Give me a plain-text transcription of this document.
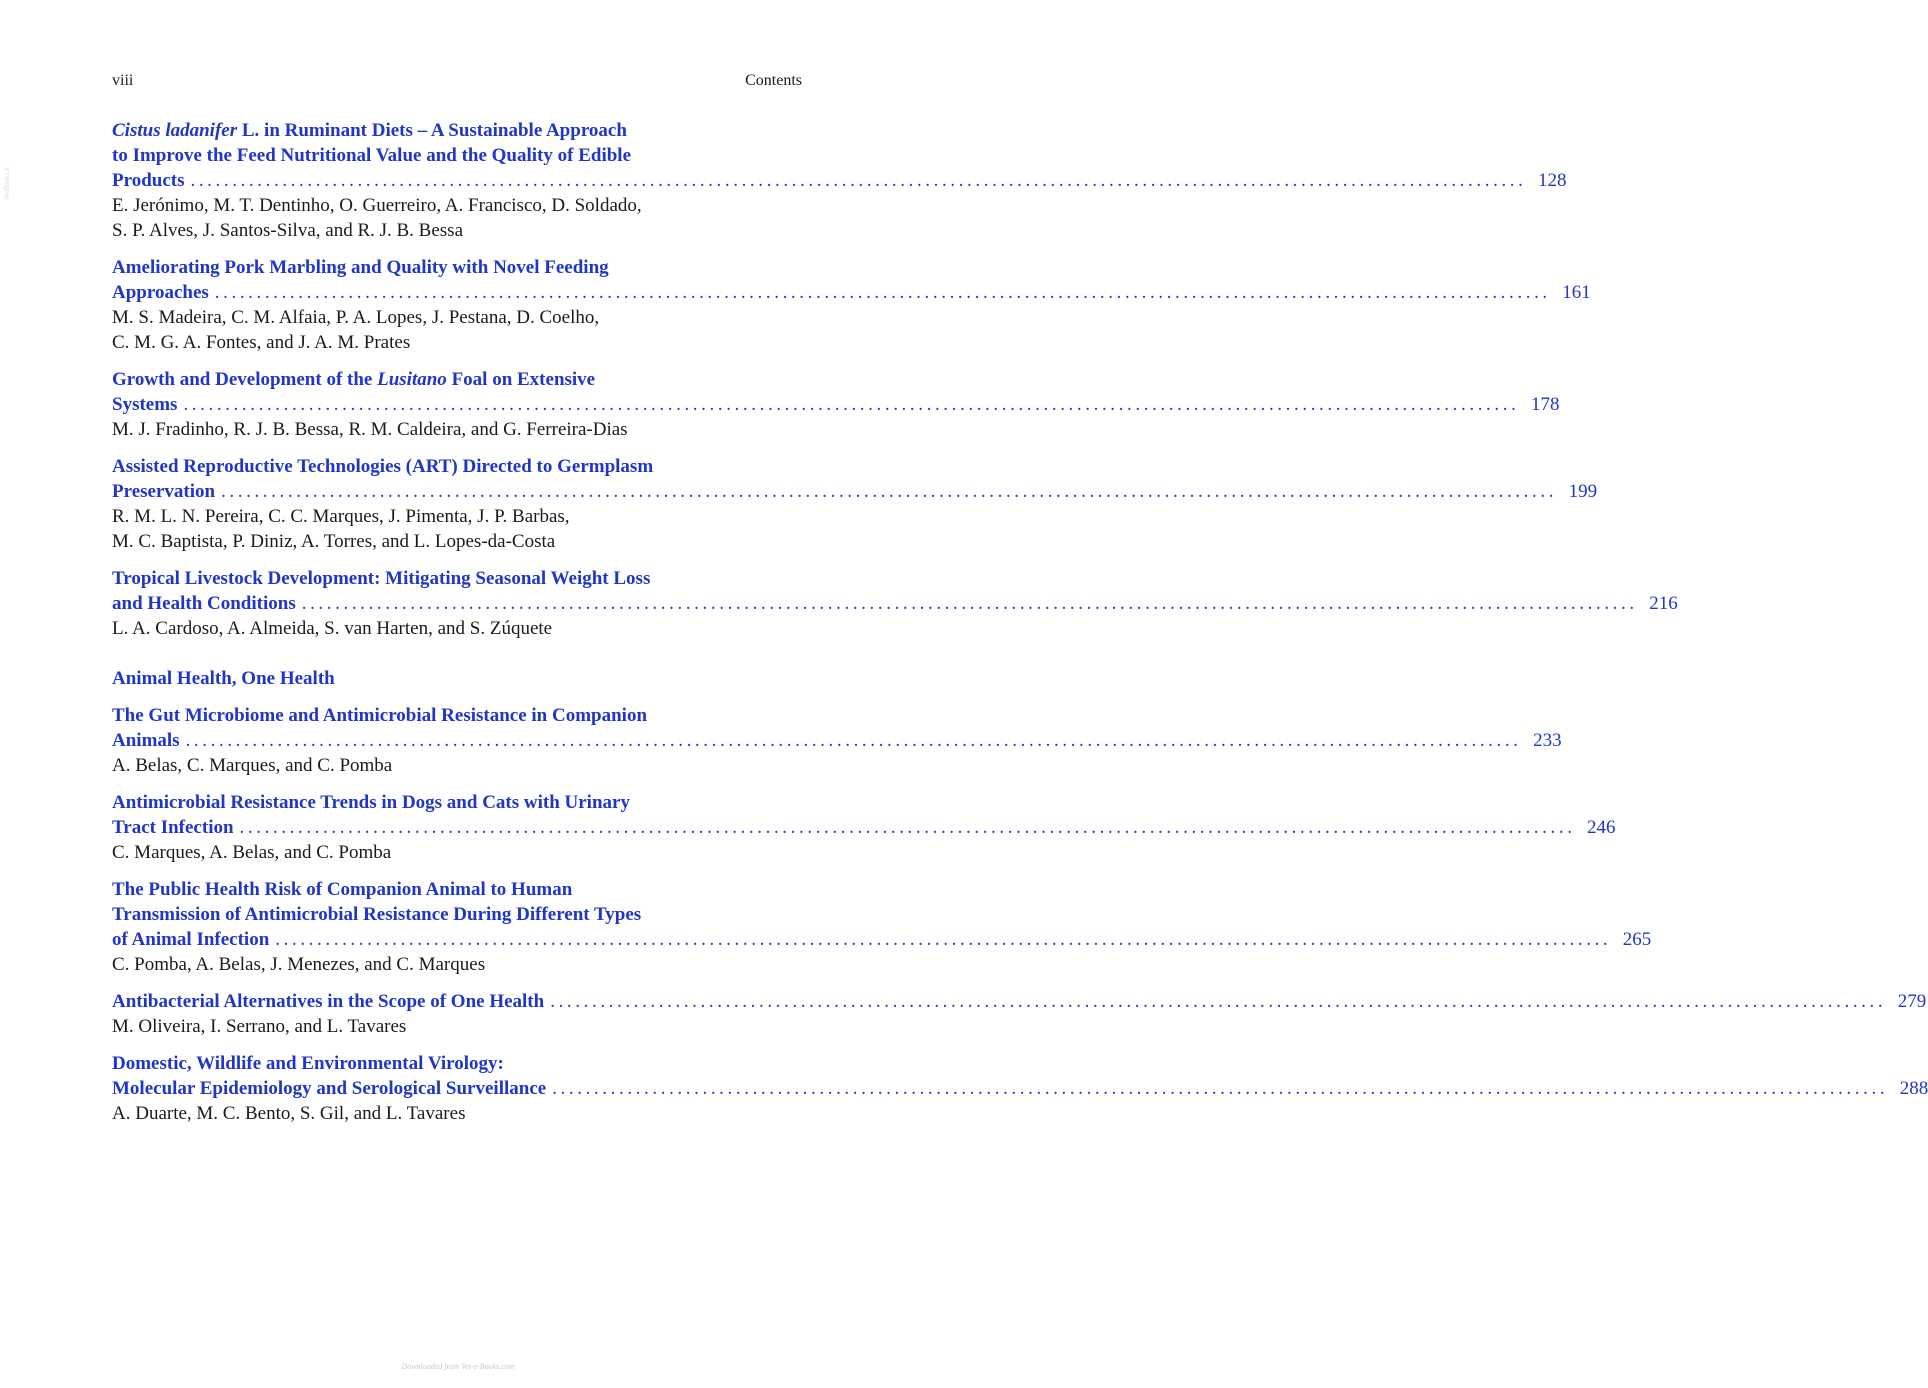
viii	Contents
VetBooks.ir
Cistus ladanifer L. in Ruminant Diets – A Sustainable Approach
to Improve the Feed Nutritional Value and the Quality of Edible
Products ................................................................................................................................................................ 128
E. Jerónimo, M. T. Dentinho, O. Guerreiro, A. Francisco, D. Soldado,
S. P. Alves, J. Santos-Silva, and R. J. B. Bessa
Ameliorating Pork Marbling and Quality with Novel Feeding
Approaches ................................................................................................................................................................ 161
M. S. Madeira, C. M. Alfaia, P. A. Lopes, J. Pestana, D. Coelho,
C. M. G. A. Fontes, and J. A. M. Prates
Growth and Development of the Lusitano Foal on Extensive
Systems ................................................................................................................................................................ 178
M. J. Fradinho, R. J. B. Bessa, R. M. Caldeira, and G. Ferreira-Dias
Assisted Reproductive Technologies (ART) Directed to Germplasm
Preservation ................................................................................................................................................................ 199
R. M. L. N. Pereira, C. C. Marques, J. Pimenta, J. P. Barbas,
M. C. Baptista, P. Diniz, A. Torres, and L. Lopes-da-Costa
Tropical Livestock Development: Mitigating Seasonal Weight Loss
and Health Conditions ................................................................................................................................................................ 216
L. A. Cardoso, A. Almeida, S. van Harten, and S. Zúquete
Animal Health, One Health
The Gut Microbiome and Antimicrobial Resistance in Companion
Animals ................................................................................................................................................................ 233
A. Belas, C. Marques, and C. Pomba
Antimicrobial Resistance Trends in Dogs and Cats with Urinary
Tract Infection ................................................................................................................................................................ 246
C. Marques, A. Belas, and C. Pomba
The Public Health Risk of Companion Animal to Human
Transmission of Antimicrobial Resistance During Different Types
of Animal Infection ................................................................................................................................................................ 265
C. Pomba, A. Belas, J. Menezes, and C. Marques
Antibacterial Alternatives in the Scope of One Health ................................................................................................................................................................ 279
M. Oliveira, I. Serrano, and L. Tavares
Domestic, Wildlife and Environmental Virology:
Molecular Epidemiology and Serological Surveillance ................................................................................................................................................................ 288
A. Duarte, M. C. Bento, S. Gil, and L. Tavares
Downloaded from Vet-e-Books.com
